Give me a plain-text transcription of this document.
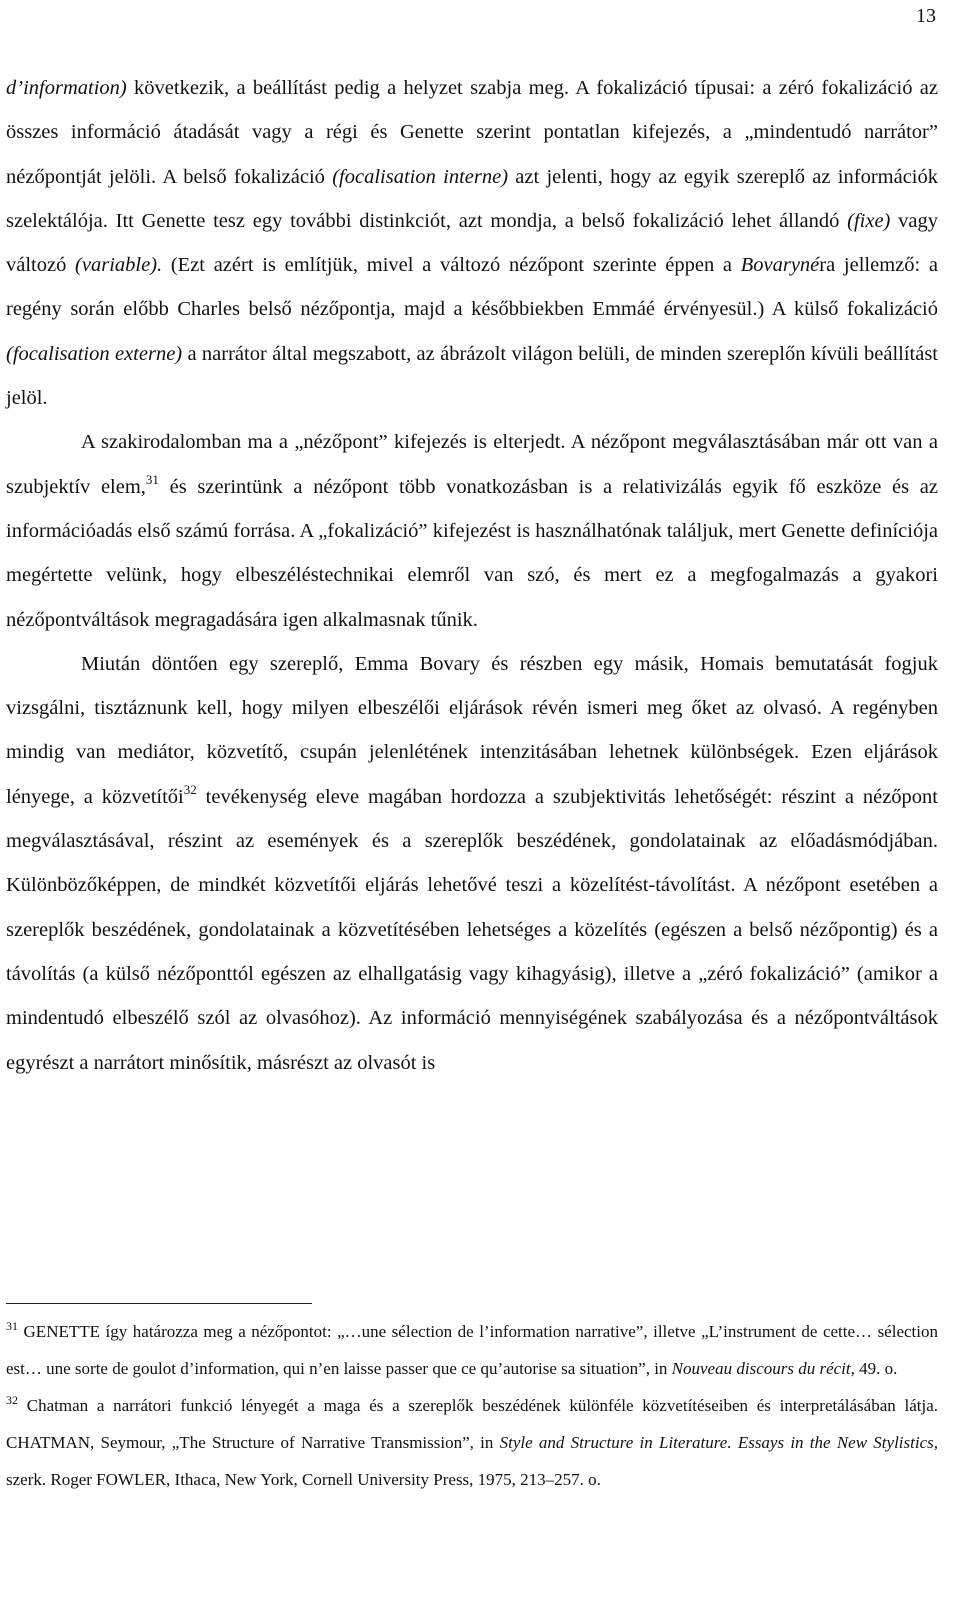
13

d’information) következik, a beállítást pedig a helyzet szabja meg. A fokalizáció típusai: a zéró fokalizáció az összes információ átadását vagy a régi és Genette szerint pontatlan kifejezés, a „mindentudó narrátor” nézőpontját jelöli. A belső fokalizáció (focalisation interne) azt jelenti, hogy az egyik szereplő az információk szelektálója. Itt Genette tesz egy további distinkciót, azt mondja, a belső fokalizáció lehet állandó (fixe) vagy változó (variable). (Ezt azért is említjük, mivel a változó nézőpont szerinte éppen a Bovarynéra jellemző: a regény során előbb Charles belső nézőpontja, majd a későbbiekben Emmáé érvényesül.) A külső fokalizáció (focalisation externe) a narrátor által megszabott, az ábrázolt világon belüli, de minden szereplőn kívüli beállítást jelöl.

A szakirodalomban ma a „nézőpont” kifejezés is elterjedt. A nézőpont megválasztásában már ott van a szubjektív elem,$^{31}$ és szerintünk a nézőpont több vonatkozásban is a relativizálás egyik fő eszköze és az információadás első számú forrása. A „fokalizáció” kifejezést is használhatónak találjuk, mert Genette definíciója megértette velünk, hogy elbeszéléstechnikai elemről van szó, és mert ez a megfogalmazás a gyakori nézőpontváltások megragadására igen alkalmasnak tűnik.

Miután döntően egy szereplő, Emma Bovary és részben egy másik, Homais bemutatását fogjuk vizsgálni, tisztáznunk kell, hogy milyen elbeszélői eljárások révén ismeri meg őket az olvasó. A regényben mindig van mediátor, közvetítő, csupán jelenlétének intenzitásában lehetnek különbségek. Ezen eljárások lényege, a közvetítői$^{32}$ tevékenység eleve magában hordozza a szubjektivitás lehetőségét: részint a nézőpont megválasztásával, részint az események és a szereplők beszédének, gondolatainak az előadásmódjában. Különbözőképpen, de mindkét közvetítői eljárás lehetővé teszi a közelítést-távolítást. A nézőpont esetében a szereplők beszédének, gondolatainak a közvetítésében lehetséges a közelítés (egészen a belső nézőpontig) és a távolítás (a külső nézőponttól egészen az elhallgatásig vagy kihagyásig), illetve a „zéró fokalizáció” (amikor a mindentudó elbeszélő szól az olvasóhoz). Az információ mennyiségének szabályozása és a nézőpontváltások egyrészt a narrátort minősítik, másrészt az olvasót is

$^{31}$ GENETTE így határozza meg a nézőpontot: „…une sélection de l’information narrative”, illetve „L’instrument de cette… sélection est… une sorte de goulot d’information, qui n’en laisse passer que ce qu’autorise sa situation”, in Nouveau discours du récit, 49. o.

$^{32}$ Chatman a narrátori funkció lényegét a maga és a szereplők beszédének különféle közvetítéseiben és interpretálásában látja. CHATMAN, Seymour, „The Structure of Narrative Transmission”, in Style and Structure in Literature. Essays in the New Stylistics, szerk. Roger FOWLER, Ithaca, New York, Cornell University Press, 1975, 213–257. o.
